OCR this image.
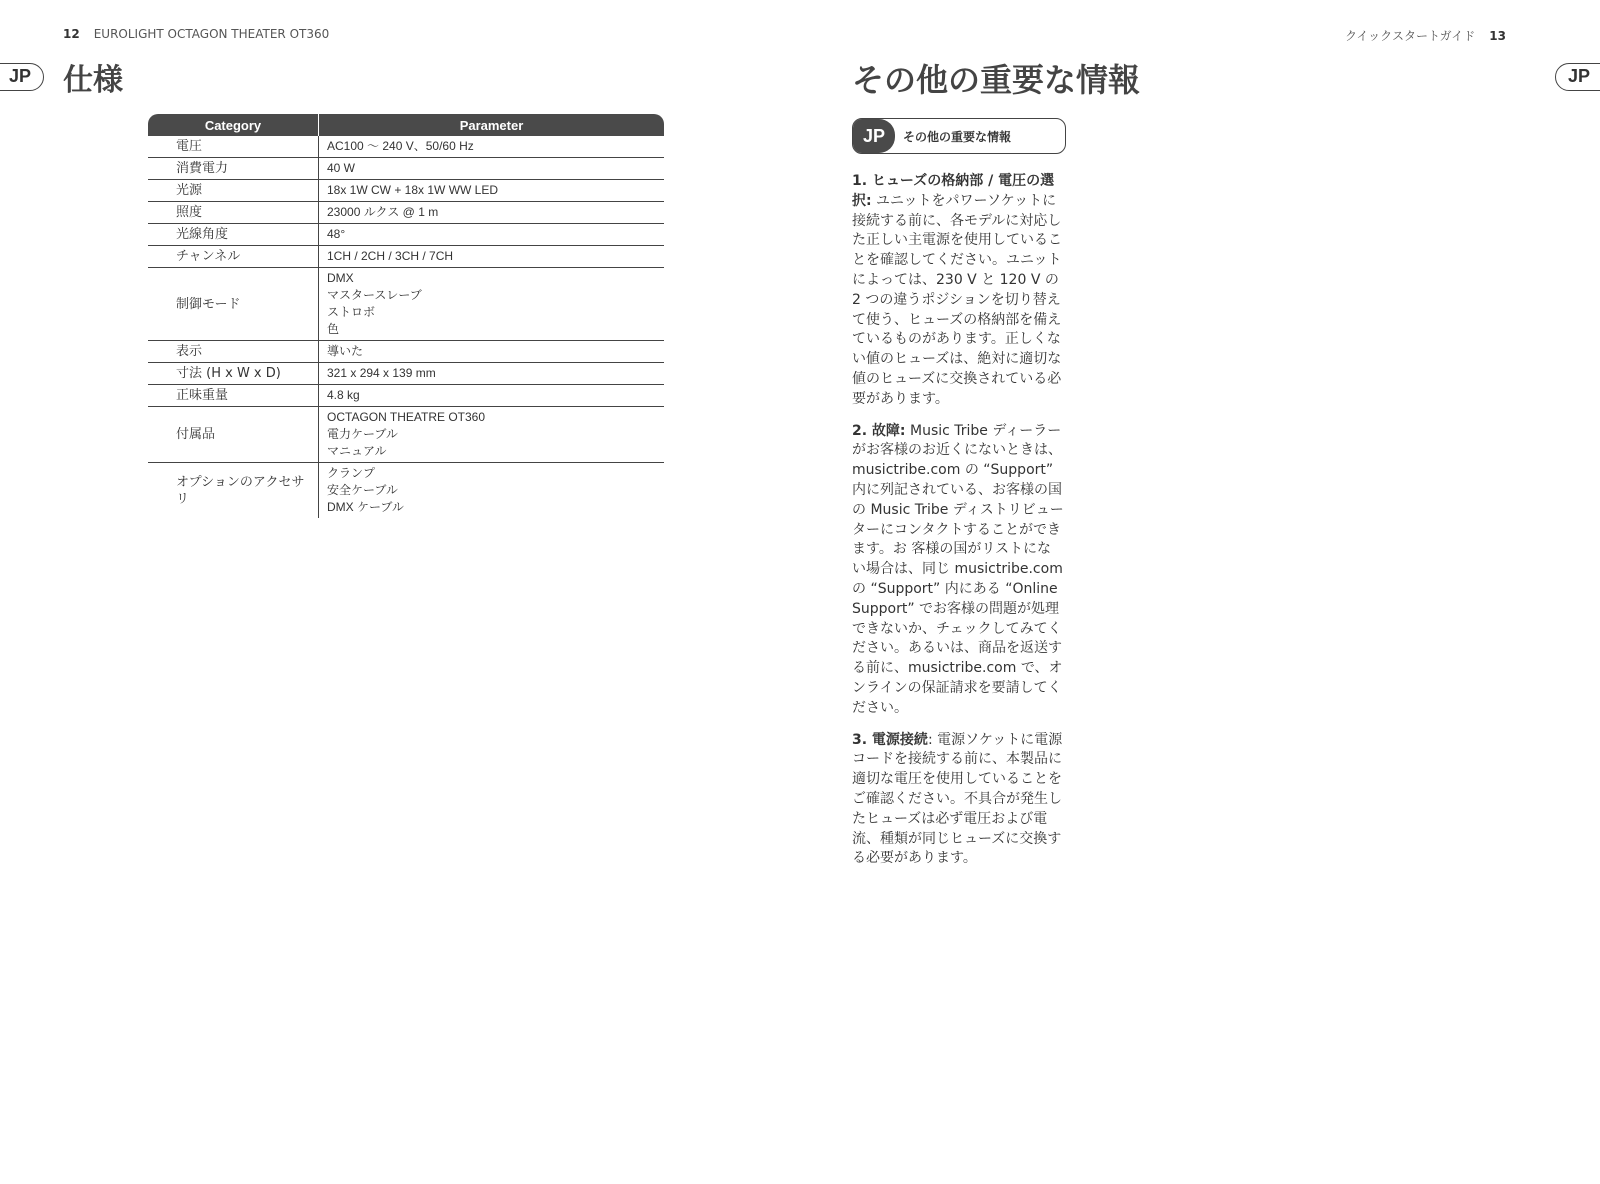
12 EUROLIGHT OCTAGON THEATER OT360	クイックスタートガイド 13
JP	JP
仕様
Category	Parameter
電圧	AC100 〜 240 V、50/60 Hz

消費電力	40 W

光源	18x 1W CW + 18x 1W WW LED

照度	23000 ルクス @ 1 m

光線角度	48°

チャンネル	1CH / 2CH / 3CH / 7CH

制御モード	DMX
マスタースレーブ
ストロボ
色

表示	導いた

寸法 (H x W x D)	321 x 294 x 139 mm

正味重量	4.8 kg

付属品	OCTAGON THEATRE OT360
電力ケーブル
マニュアル

オプションのアクセサリ	クランプ
安全ケーブル
DMX ケーブル
その他の重要な情報
JP	その他の重要な情報

1. ヒューズの格納部 / 電圧の選択: ユニットをパワーソケットに接続する前に、各モデルに対応した正しい主電源を使用していることを確認してください。ユニットによっては、230 V と 120 V の 2 つの違うポジションを切り替えて使う、ヒューズの格納部を備えているものがあります。正しくない値のヒューズは、絶対に適切な値のヒューズに交換されている必要があります。

2. 故障: Music Tribe ディーラーがお客様のお近くにないときは、musictribe.com の “Support” 内に列記されている、お客様の国の Music Tribe ディストリビューターにコンタクトすることができます。お 客様の国がリストにない場合は、同じ musictribe.com の “Support” 内にある “Online Support” でお客様の問題が処理できないか、チェックしてみてください。あるいは、商品を返送する前に、musictribe.com で、オンラインの保証請求を要請してください。

3. 電源接続: 電源ソケットに電源コードを接続する前に、本製品に適切な電圧を使用していることをご確認ください。不具合が発生したヒューズは必ず電圧および電流、種類が同じヒューズに交換する必要があります。
